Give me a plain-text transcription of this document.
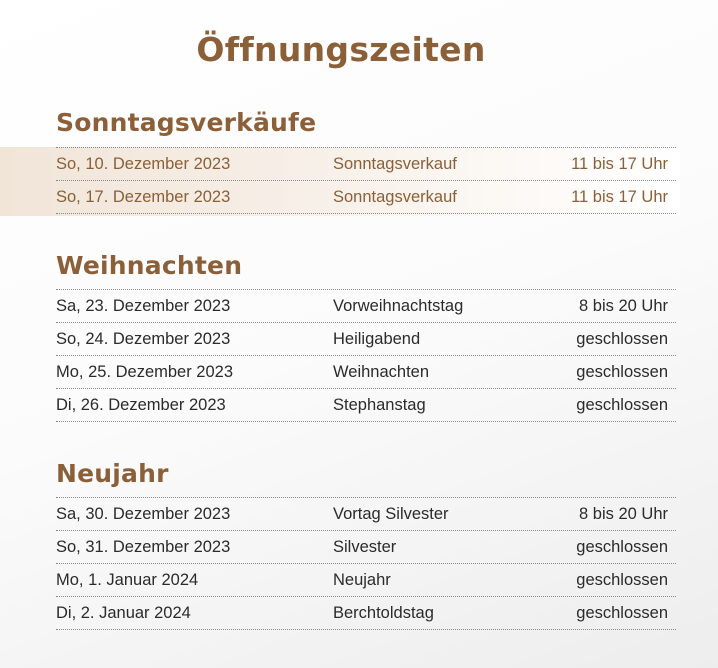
Öffnungszeiten
Sonntagsverkäufe
So, 10. Dezember 2023	Sonntagsverkauf	11 bis 17 Uhr
So, 17. Dezember 2023	Sonntagsverkauf	11 bis 17 Uhr
Weihnachten
Sa, 23. Dezember 2023	Vorweihnachtstag	8 bis 20 Uhr
So, 24. Dezember 2023	Heiligabend	geschlossen
Mo, 25. Dezember 2023	Weihnachten	geschlossen
Di, 26. Dezember 2023	Stephanstag	geschlossen
Neujahr
Sa, 30. Dezember 2023	Vortag Silvester	8 bis 20 Uhr
So, 31. Dezember 2023	Silvester	geschlossen
Mo, 1. Januar 2024	Neujahr	geschlossen
Di, 2. Januar 2024	Berchtoldstag	geschlossen
